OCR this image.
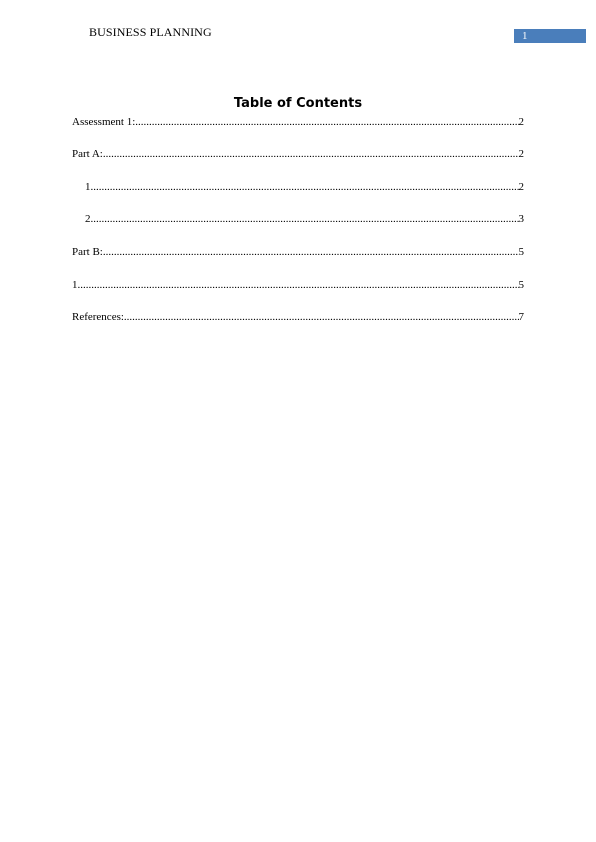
BUSINESS PLANNING	1
Table of Contents
Assessment 1: .....	2
Part A: .....	2
1. .....	2
2. .....	3
Part B: .....	5
1. .....	5
References: .....	7
